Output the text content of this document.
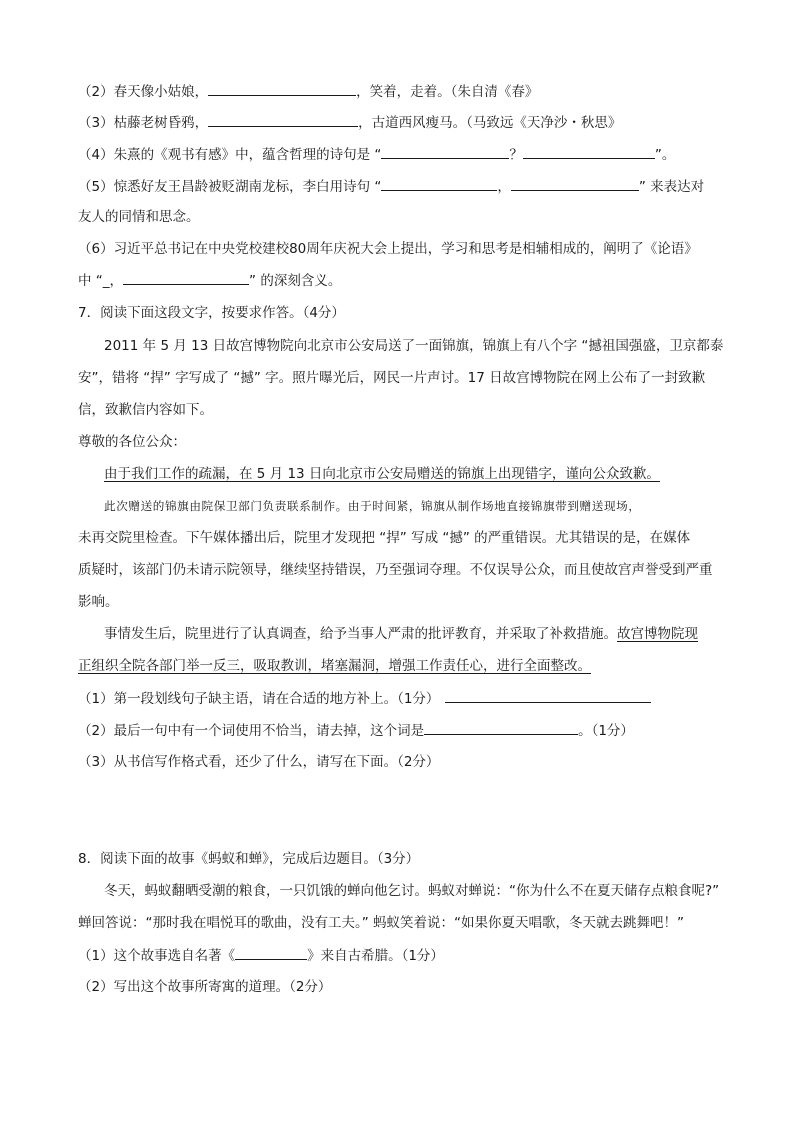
（2）春天像小姑娘，	，笑着，走着。（朱自清《春》
（3）枯藤老树昏鸦，	，古道西风瘦马。（马致远《天净沙・秋思》
（4）朱熹的《观书有感》中，蕴含哲理的诗句是 “	？	”。
（5）惊悉好友王昌龄被贬湖南龙标，李白用诗句 “	，	” 来表达对
友人的同情和思念。
（6）习近平总书记在中央党校建校80周年庆祝大会上提出，学习和思考是相辅相成的，阐明了《论语》
中 “_，	” 的深刻含义。
7．阅读下面这段文字，按要求作答。（4分）
2011 年 5 月 13 日故宫博物院向北京市公安局送了一面锦旗，锦旗上有八个字 “撼祖国强盛，卫京都泰
安”，错将 “捍” 字写成了 “撼” 字。照片曝光后，网民一片声讨。17 日故宫博物院在网上公布了一封致歉
信，致歉信内容如下。
尊敬的各位公众：
由于我们工作的疏漏，在 5 月 13 日向北京市公安局赠送的锦旗上出现错字，谨向公众致歉。
此次赠送的锦旗由院保卫部门负责联系制作。由于时间紧，锦旗从制作场地直接锦旗带到赠送现场，
未再交院里检查。下午媒体播出后，院里才发现把 “捍” 写成 “撼” 的严重错误。尤其错误的是，在媒体
质疑时，该部门仍未请示院领导，继续坚持错误，乃至强词夺理。不仅误导公众，而且使故宫声誉受到严重
影响。
事情发生后，院里进行了认真调查，给予当事人严肃的批评教育，并采取了补救措施。故宫博物院现
正组织全院各部门举一反三，吸取教训，堵塞漏洞，增强工作责任心，进行全面整改。
（1）第一段划线句子缺主语，请在合适的地方补上。（1分）
（2）最后一句中有一个词使用不恰当，请去掉，这个词是	。（1分）
（3）从书信写作格式看，还少了什么，请写在下面。（2分）
8．阅读下面的故事《蚂蚁和蝉》，完成后边题目。（3分）
冬天，蚂蚁翻晒受潮的粮食，一只饥饿的蝉向他乞讨。蚂蚁对蝉说：“你为什么不在夏天储存点粮食呢?”
蝉回答说：“那时我在唱悦耳的歌曲，没有工夫。” 蚂蚁笑着说：“如果你夏天唱歌，冬天就去跳舞吧！”
（1）这个故事选自名著《	》来自古希腊。（1分）
（2）写出这个故事所寄寓的道理。（2分）
